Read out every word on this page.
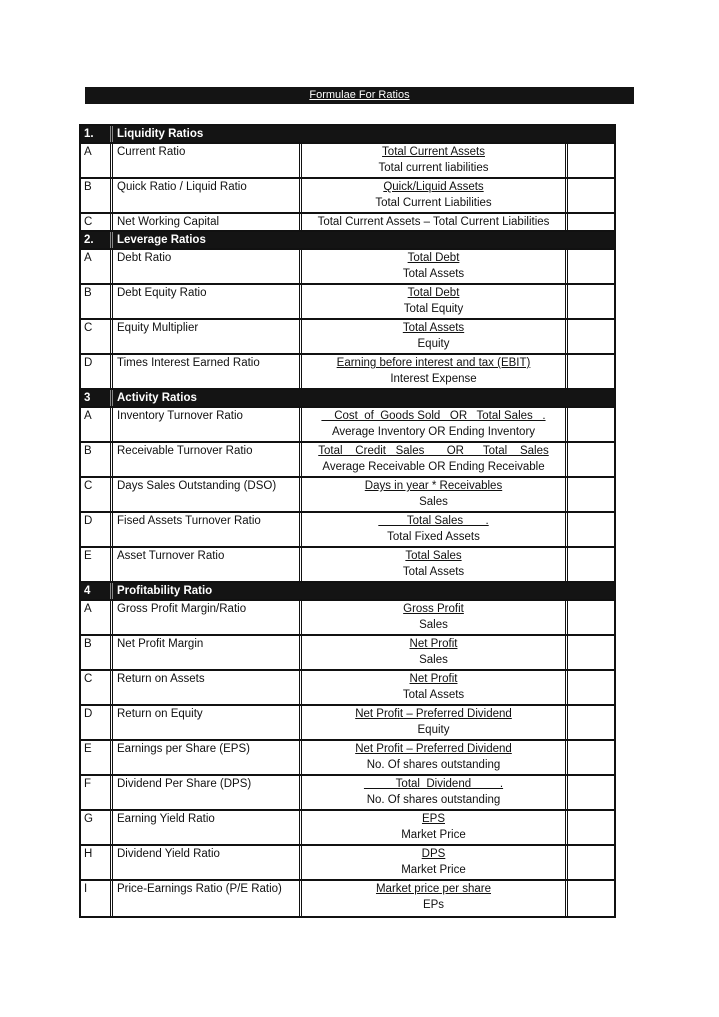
Formulae For Ratios
1.	Liquidity Ratios
A	Current Ratio	$\frac{\text{Total Current Assets}}{\text{Total current liabilities}}$
B	Quick Ratio / Liquid Ratio	$\frac{\text{Quick/Liquid Assets}}{\text{Total Current Liabilities}}$
C	Net Working Capital	Total Current Assets – Total Current Liabilities
2.	Leverage Ratios
A	Debt Ratio	$\frac{\text{Total Debt}}{\text{Total Assets}}$
B	Debt Equity Ratio	$\frac{\text{Total Debt}}{\text{Total Equity}}$
C	Equity Multiplier	$\frac{\text{Total Assets}}{\text{Equity}}$
D	Times Interest Earned Ratio	$\frac{\text{Earning before interest and tax (EBIT)}}{\text{Interest Expense}}$
3	Activity Ratios
A	Inventory Turnover Ratio	$\frac{\text{Cost  of  Goods Sold   OR   Total Sales   .}}{\text{Average Inventory OR Ending Inventory}}$
B	Receivable Turnover Ratio	$\frac{\text{Total    Credit   Sales       OR      Total    Sales}}{\text{Average Receivable OR Ending Receivable}}$
C	Days Sales Outstanding (DSO)	$\frac{\text{Days in year * Receivables}}{\text{Sales}}$
D	Fised Assets Turnover Ratio	$\frac{\text{Total Sales       .}}{\text{Total Fixed Assets}}$
E	Asset Turnover Ratio	$\frac{\text{Total Sales}}{\text{Total Assets}}$
4	Profitability Ratio
A	Gross Profit Margin/Ratio	$\frac{\text{Gross Profit}}{\text{Sales}}$
B	Net Profit Margin	$\frac{\text{Net Profit}}{\text{Sales}}$
C	Return on Assets	$\frac{\text{Net Profit}}{\text{Total Assets}}$
D	Return on Equity	$\frac{\text{Net Profit – Preferred Dividend}}{\text{Equity}}$
E	Earnings per Share (EPS)	$\frac{\text{Net Profit – Preferred Dividend}}{\text{No. Of shares outstanding}}$
F	Dividend Per Share (DPS)	$\frac{\text{Total  Dividend         .}}{\text{No. Of shares outstanding}}$
G	Earning Yield Ratio	$\frac{\text{EPS}}{\text{Market Price}}$
H	Dividend Yield Ratio	$\frac{\text{DPS}}{\text{Market Price}}$
I	Price-Earnings Ratio (P/E Ratio)	$\frac{\text{Market price per share}}{\text{EPs}}$
